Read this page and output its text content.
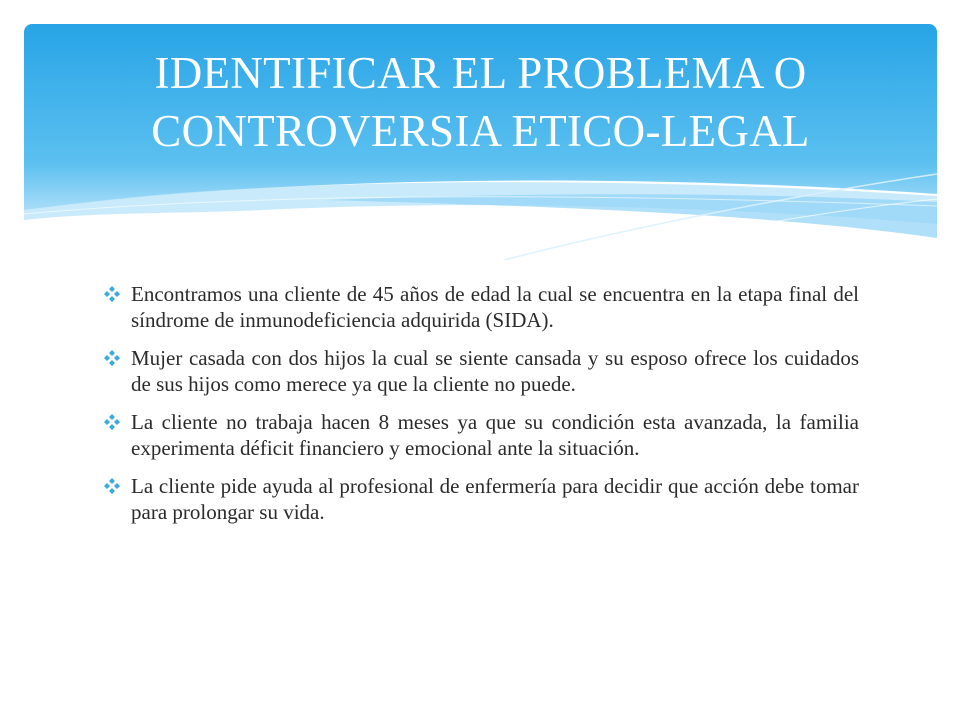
IDENTIFICAR EL PROBLEMA O
CONTROVERSIA ETICO-LEGAL
Encontramos una cliente de 45 años de edad la cual se encuentra en la etapa final del síndrome de inmunodeficiencia adquirida (SIDA).
Mujer casada con dos hijos la cual se siente cansada y su esposo ofrece los cuidados de sus hijos como merece ya que la cliente no puede.
La cliente no trabaja hacen 8 meses ya que su condición esta avanzada, la familia experimenta déficit financiero y emocional ante la situación.
La cliente pide ayuda al profesional de enfermería para decidir que acción debe tomar para prolongar su vida.
